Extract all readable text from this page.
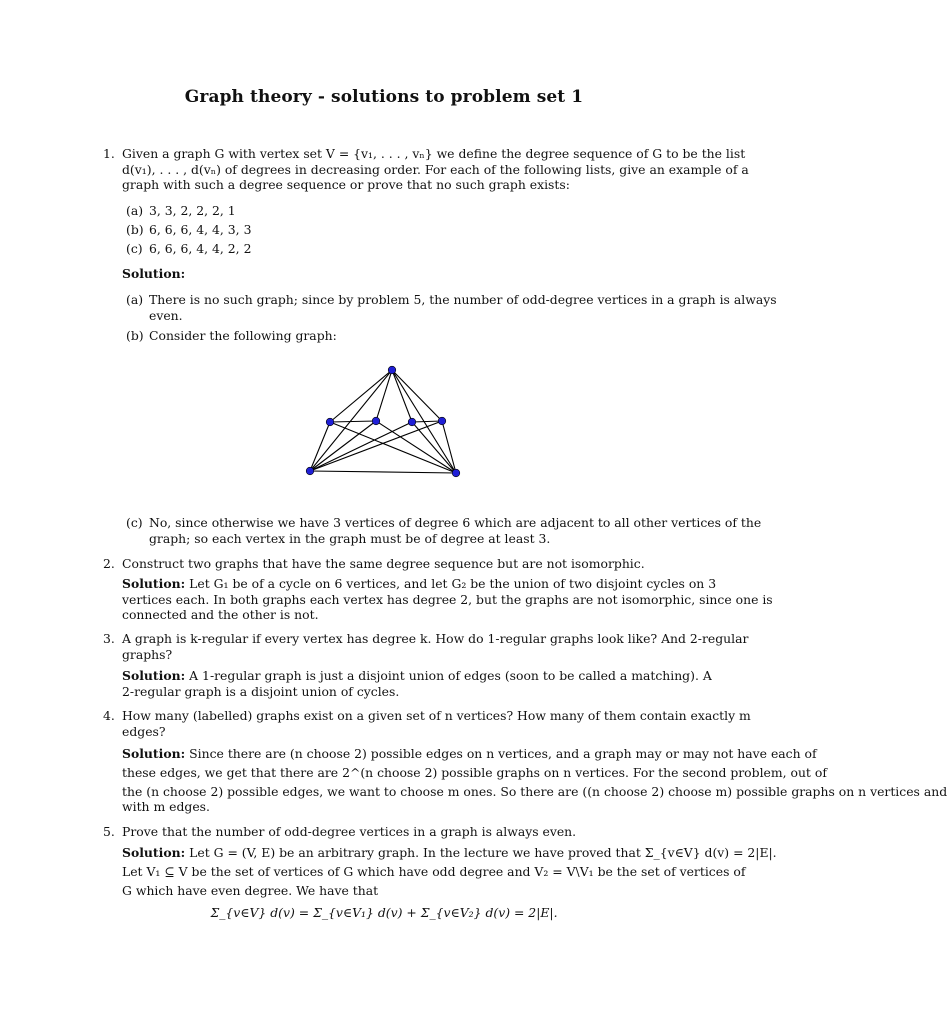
Graph theory - solutions to problem set 1
1. Given a graph G with vertex set V = {v₁, . . . , vₙ} we define the degree sequence of G to be the list
d(v₁), . . . , d(vₙ) of degrees in decreasing order. For each of the following lists, give an example of a
graph with such a degree sequence or prove that no such graph exists:
(a) 3, 3, 2, 2, 2, 1
(b) 6, 6, 6, 4, 4, 3, 3
(c) 6, 6, 6, 4, 4, 2, 2
Solution:
(a) There is no such graph; since by problem 5, the number of odd-degree vertices in a graph is always
even.
(b) Consider the following graph:
(c) No, since otherwise we have 3 vertices of degree 6 which are adjacent to all other vertices of the
graph; so each vertex in the graph must be of degree at least 3.
2. Construct two graphs that have the same degree sequence but are not isomorphic.
Solution: Let G₁ be of a cycle on 6 vertices, and let G₂ be the union of two disjoint cycles on 3
vertices each. In both graphs each vertex has degree 2, but the graphs are not isomorphic, since one is
connected and the other is not.
3. A graph is k-regular if every vertex has degree k. How do 1-regular graphs look like? And 2-regular
graphs?
Solution: A 1-regular graph is just a disjoint union of edges (soon to be called a matching). A
2-regular graph is a disjoint union of cycles.
4. How many (labelled) graphs exist on a given set of n vertices? How many of them contain exactly m
edges?
Solution: Since there are (n choose 2) possible edges on n vertices, and a graph may or may not have each of
these edges, we get that there are 2^(n choose 2) possible graphs on n vertices. For the second problem, out of
the (n choose 2) possible edges, we want to choose m ones. So there are ((n choose 2) choose m) possible graphs on n vertices and
with m edges.
5. Prove that the number of odd-degree vertices in a graph is always even.
Solution: Let G = (V, E) be an arbitrary graph. In the lecture we have proved that Σ_{v∈V} d(v) = 2|E|.
Let V₁ ⊆ V be the set of vertices of G which have odd degree and V₂ = V\V₁ be the set of vertices of
G which have even degree. We have that
Σ_{v∈V} d(v) = Σ_{v∈V₁} d(v) + Σ_{v∈V₂} d(v) = 2|E|.
